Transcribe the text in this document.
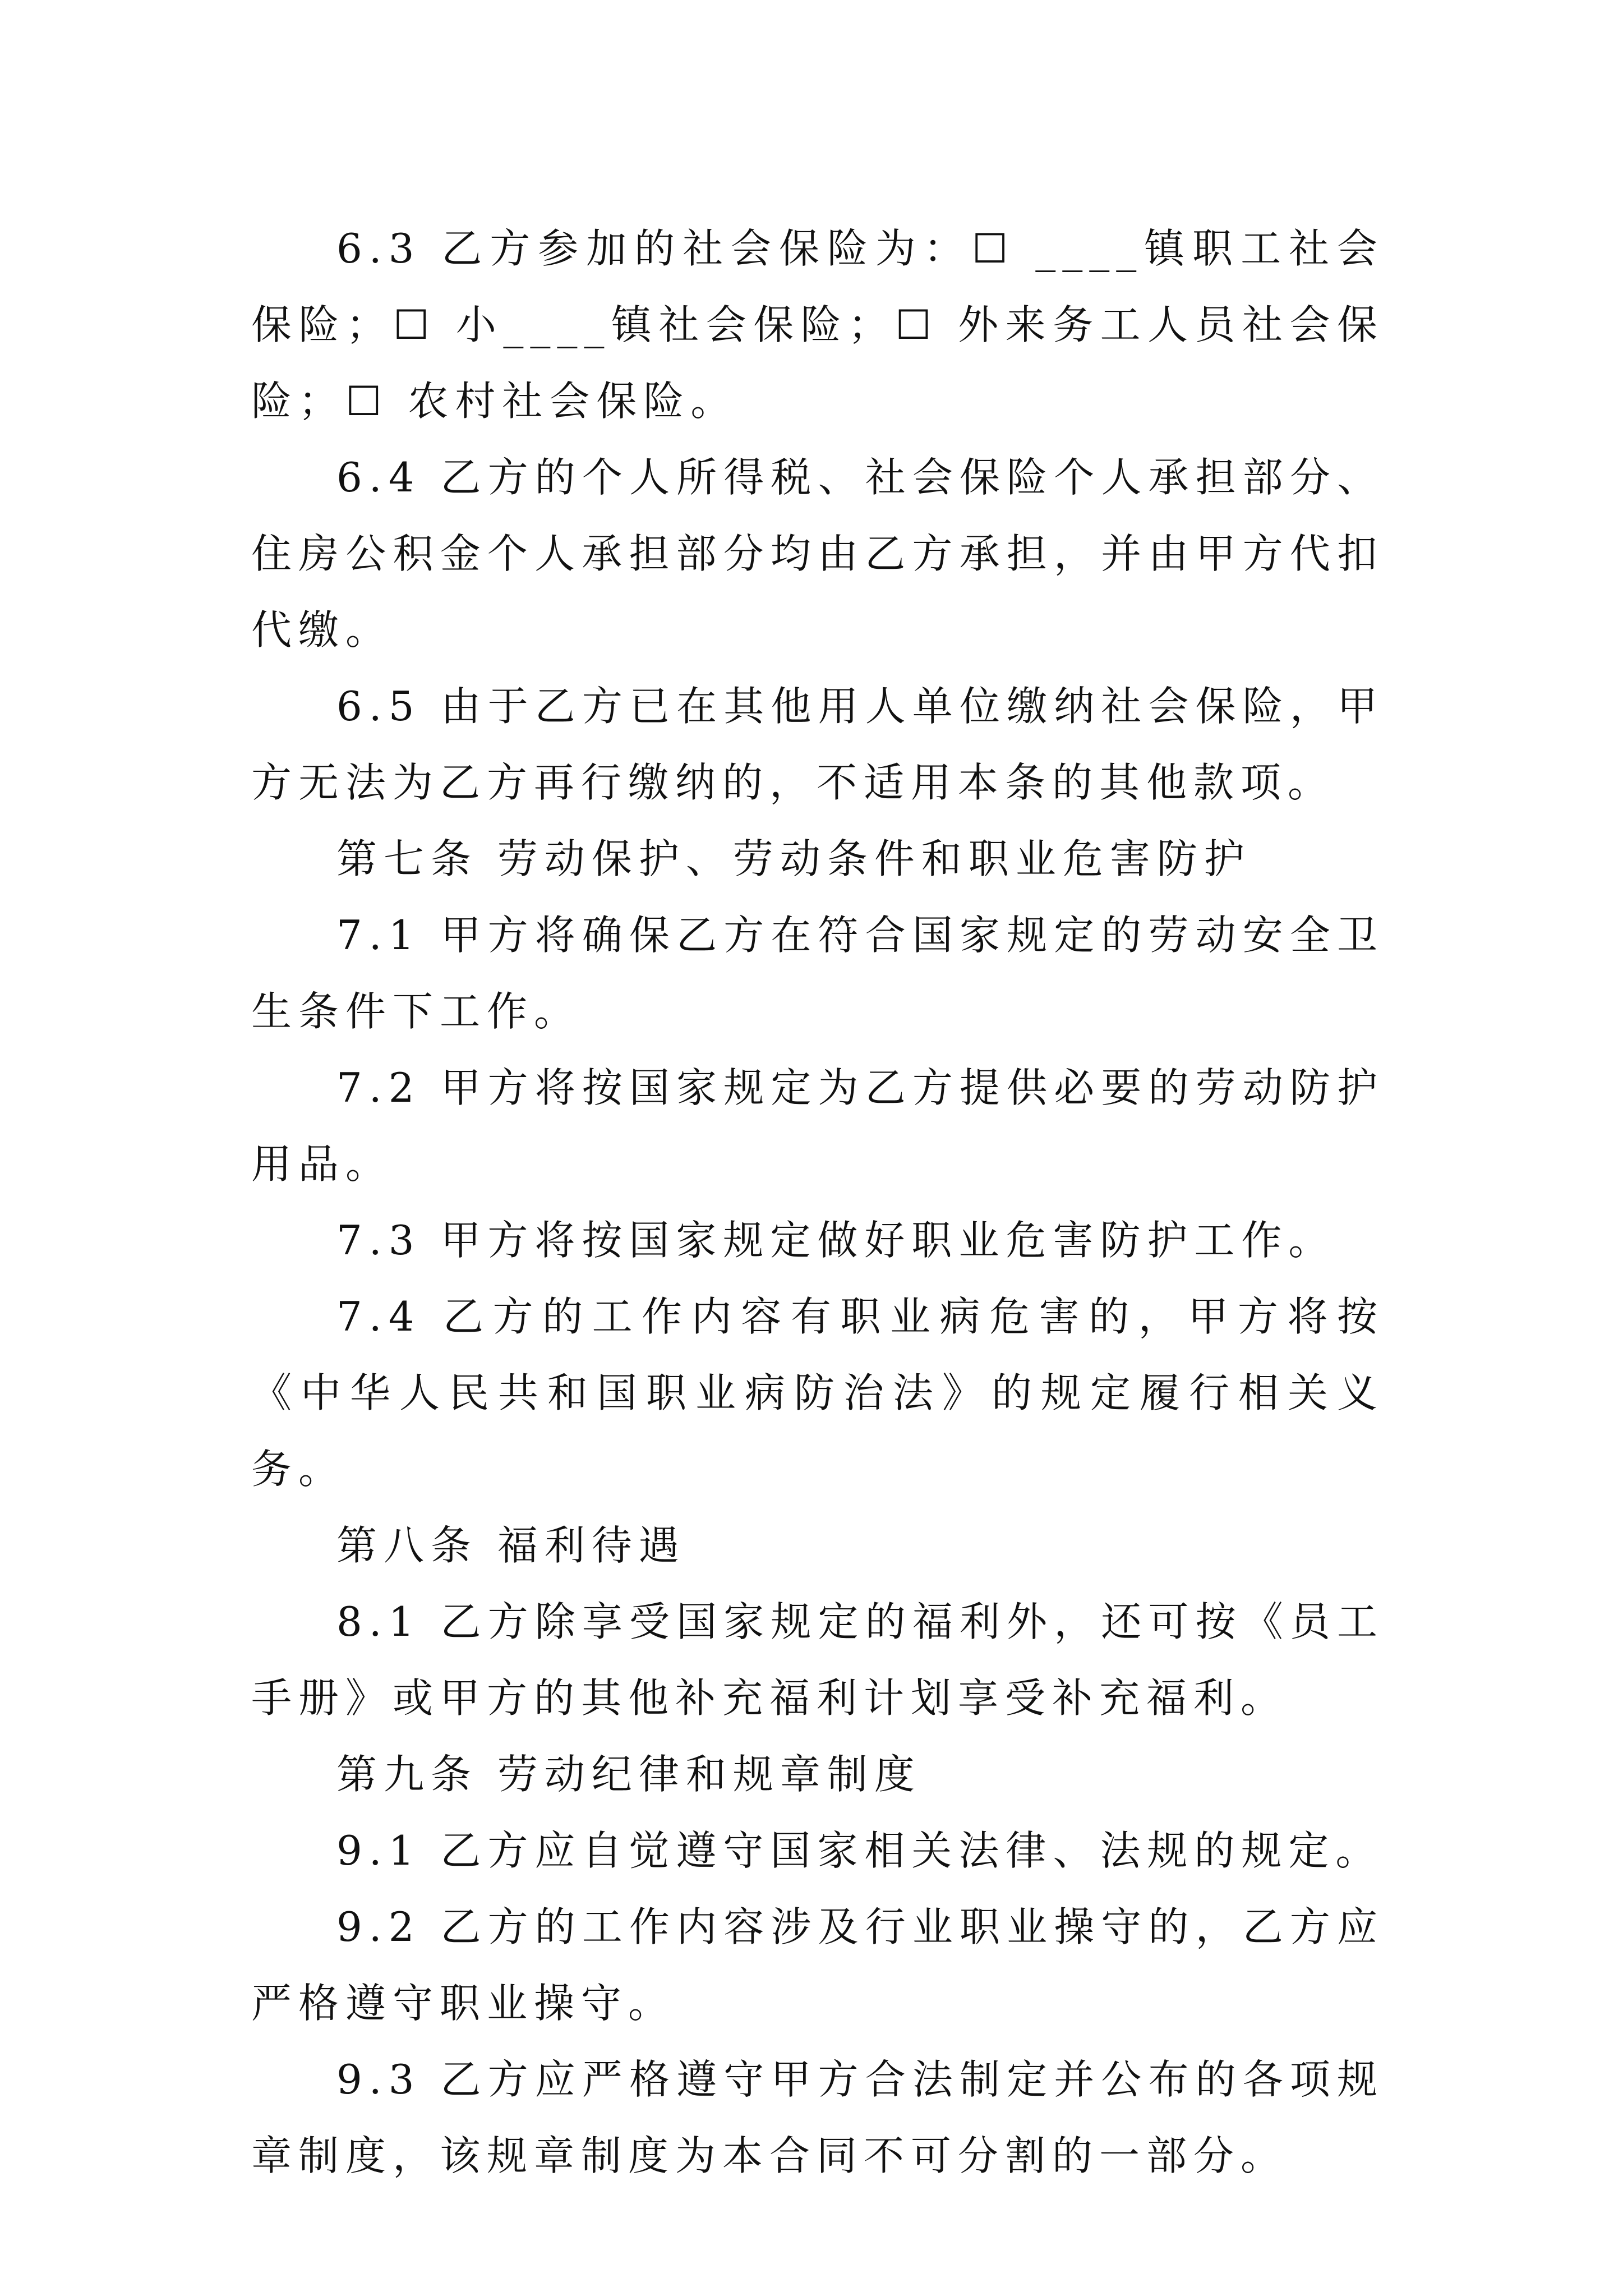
6.3 乙方参加的社会保险为：☐ ____镇职工社会保险；☐ 小____镇社会保险；☐ 外来务工人员社会保险；☐ 农村社会保险。

6.4 乙方的个人所得税、社会保险个人承担部分、住房公积金个人承担部分均由乙方承担，并由甲方代扣代缴。

6.5 由于乙方已在其他用人单位缴纳社会保险，甲方无法为乙方再行缴纳的，不适用本条的其他款项。

第七条 劳动保护、劳动条件和职业危害防护

7.1 甲方将确保乙方在符合国家规定的劳动安全卫生条件下工作。

7.2 甲方将按国家规定为乙方提供必要的劳动防护用品。

7.3 甲方将按国家规定做好职业危害防护工作。

7.4 乙方的工作内容有职业病危害的，甲方将按《中华人民共和国职业病防治法》的规定履行相关义务。

第八条 福利待遇

8.1 乙方除享受国家规定的福利外，还可按《员工手册》或甲方的其他补充福利计划享受补充福利。

第九条 劳动纪律和规章制度

9.1 乙方应自觉遵守国家相关法律、法规的规定。

9.2 乙方的工作内容涉及行业职业操守的，乙方应严格遵守职业操守。

9.3 乙方应严格遵守甲方合法制定并公布的各项规章制度，该规章制度为本合同不可分割的一部分。
